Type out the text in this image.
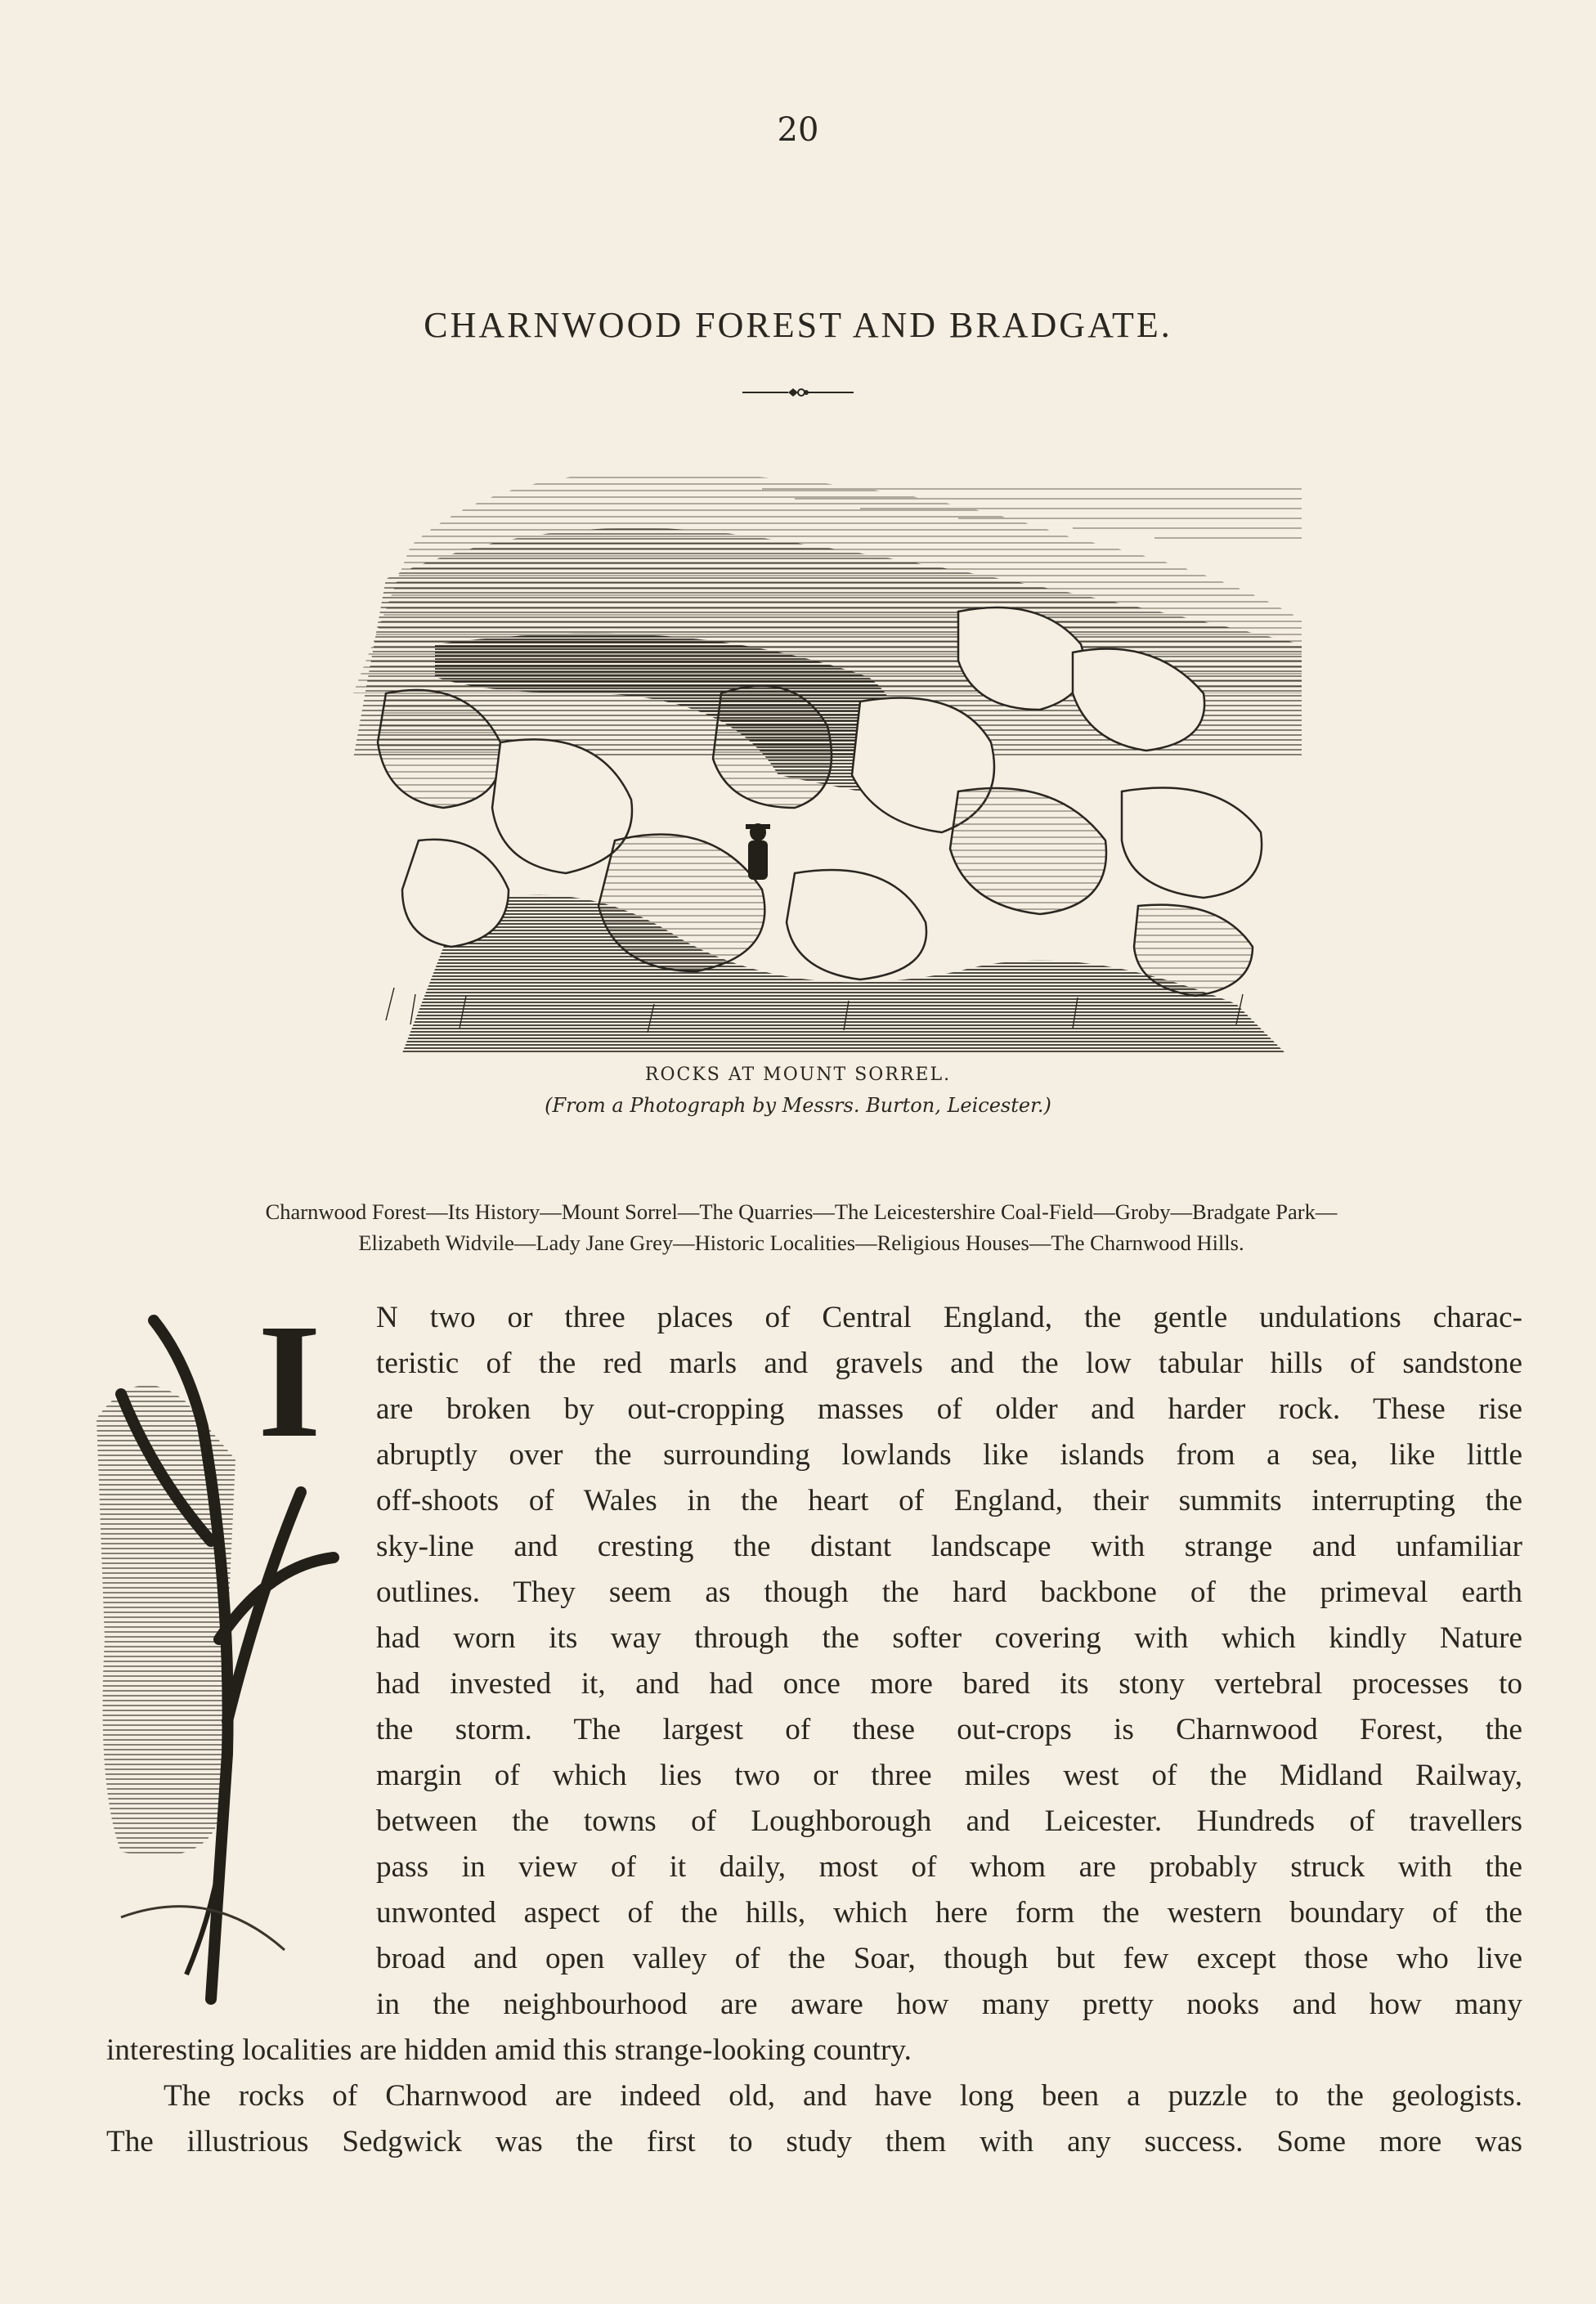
20
CHARNWOOD FOREST AND BRADGATE.
ROCKS AT MOUNT SORREL.
(From a Photograph by Messrs. Burton, Leicester.)
Charnwood Forest—Its History—Mount Sorrel—The Quarries—The Leicestershire Coal-Field—Groby—Bradgate Park—
Elizabeth Widvile—Lady Jane Grey—Historic Localities—Religious Houses—The Charnwood Hills.
I N two or three places of Central England, the gentle undulations charac-
teristic of the red marls and gravels and the low tabular hills of sandstone
are broken by out-cropping masses of older and harder rock. These rise
abruptly over the surrounding lowlands like islands from a sea, like little
off-shoots of Wales in the heart of England, their summits interrupting the
sky-line and cresting the distant landscape with strange and unfamiliar
outlines. They seem as though the hard backbone of the primeval earth
had worn its way through the softer covering with which kindly Nature
had invested it, and had once more bared its stony vertebral processes to
the storm. The largest of these out-crops is Charnwood Forest, the
margin of which lies two or three miles west of the Midland Railway,
between the towns of Loughborough and Leicester. Hundreds of travellers
pass in view of it daily, most of whom are probably struck with the
unwonted aspect of the hills, which here form the western boundary of the
broad and open valley of the Soar, though but few except those who live
in the neighbourhood are aware how many pretty nooks and how many
interesting localities are hidden amid this strange-looking country.
The rocks of Charnwood are indeed old, and have long been a puzzle to the geologists.
The illustrious Sedgwick was the first to study them with any success. Some more was
